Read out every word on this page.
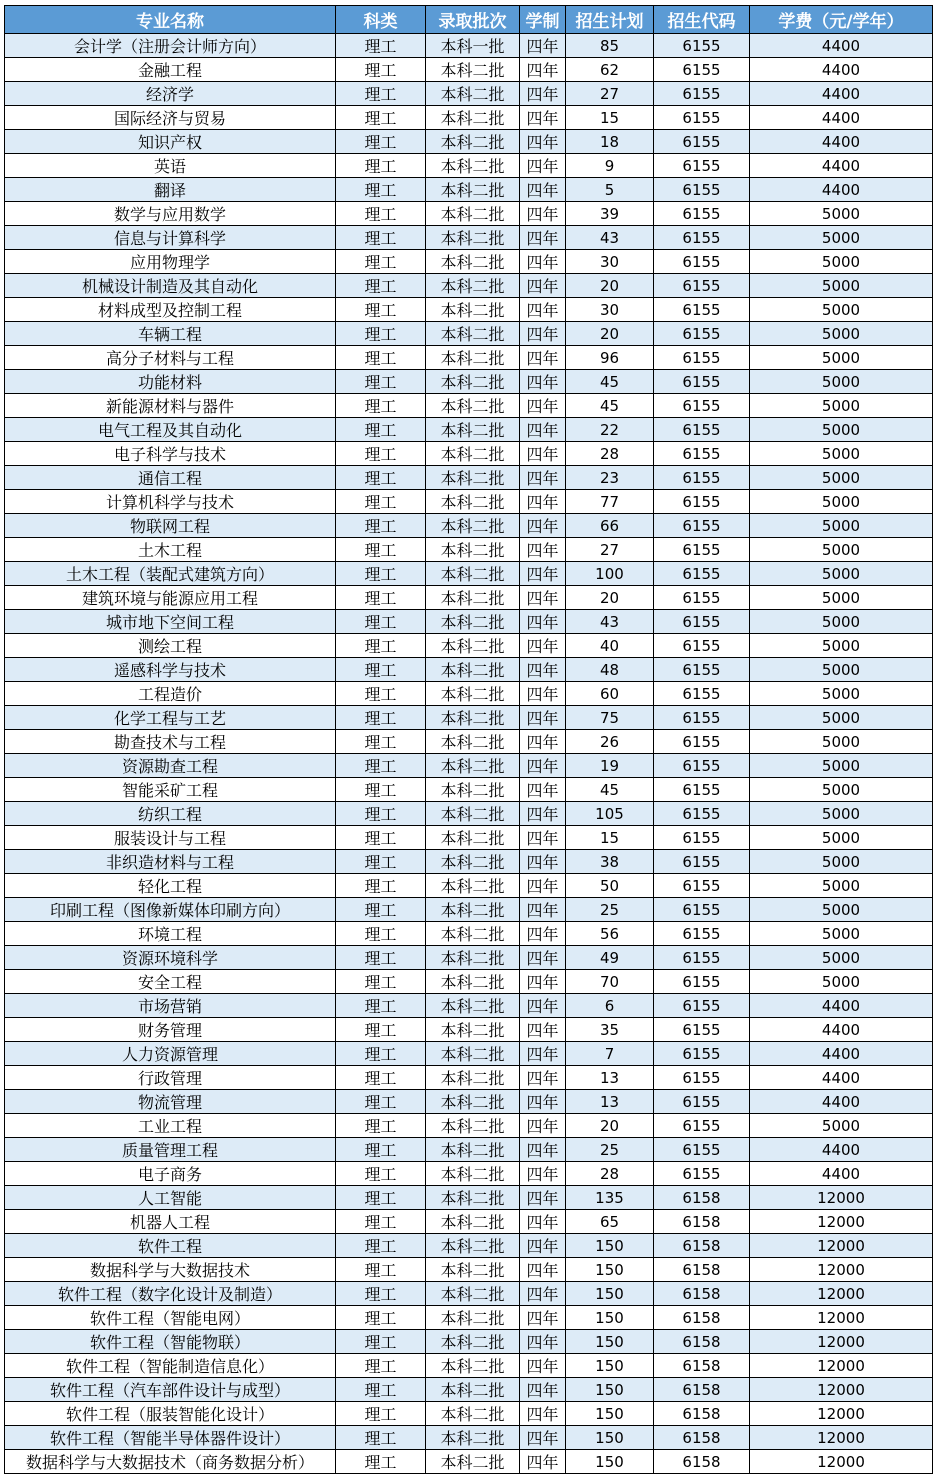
专业名称	科类	录取批次	学制	招生计划	招生代码	学费（元/学年）
会计学（注册会计师方向）	理工	本科一批	四年	85	6155	4400
金融工程	理工	本科二批	四年	62	6155	4400
经济学	理工	本科二批	四年	27	6155	4400
国际经济与贸易	理工	本科二批	四年	15	6155	4400
知识产权	理工	本科二批	四年	18	6155	4400
英语	理工	本科二批	四年	9	6155	4400
翻译	理工	本科二批	四年	5	6155	4400
数学与应用数学	理工	本科二批	四年	39	6155	5000
信息与计算科学	理工	本科二批	四年	43	6155	5000
应用物理学	理工	本科二批	四年	30	6155	5000
机械设计制造及其自动化	理工	本科二批	四年	20	6155	5000
材料成型及控制工程	理工	本科二批	四年	30	6155	5000
车辆工程	理工	本科二批	四年	20	6155	5000
高分子材料与工程	理工	本科二批	四年	96	6155	5000
功能材料	理工	本科二批	四年	45	6155	5000
新能源材料与器件	理工	本科二批	四年	45	6155	5000
电气工程及其自动化	理工	本科二批	四年	22	6155	5000
电子科学与技术	理工	本科二批	四年	28	6155	5000
通信工程	理工	本科二批	四年	23	6155	5000
计算机科学与技术	理工	本科二批	四年	77	6155	5000
物联网工程	理工	本科二批	四年	66	6155	5000
土木工程	理工	本科二批	四年	27	6155	5000
土木工程（装配式建筑方向）	理工	本科二批	四年	100	6155	5000
建筑环境与能源应用工程	理工	本科二批	四年	20	6155	5000
城市地下空间工程	理工	本科二批	四年	43	6155	5000
测绘工程	理工	本科二批	四年	40	6155	5000
遥感科学与技术	理工	本科二批	四年	48	6155	5000
工程造价	理工	本科二批	四年	60	6155	5000
化学工程与工艺	理工	本科二批	四年	75	6155	5000
勘查技术与工程	理工	本科二批	四年	26	6155	5000
资源勘查工程	理工	本科二批	四年	19	6155	5000
智能采矿工程	理工	本科二批	四年	45	6155	5000
纺织工程	理工	本科二批	四年	105	6155	5000
服装设计与工程	理工	本科二批	四年	15	6155	5000
非织造材料与工程	理工	本科二批	四年	38	6155	5000
轻化工程	理工	本科二批	四年	50	6155	5000
印刷工程（图像新媒体印刷方向）	理工	本科二批	四年	25	6155	5000
环境工程	理工	本科二批	四年	56	6155	5000
资源环境科学	理工	本科二批	四年	49	6155	5000
安全工程	理工	本科二批	四年	70	6155	5000
市场营销	理工	本科二批	四年	6	6155	4400
财务管理	理工	本科二批	四年	35	6155	4400
人力资源管理	理工	本科二批	四年	7	6155	4400
行政管理	理工	本科二批	四年	13	6155	4400
物流管理	理工	本科二批	四年	13	6155	4400
工业工程	理工	本科二批	四年	20	6155	5000
质量管理工程	理工	本科二批	四年	25	6155	4400
电子商务	理工	本科二批	四年	28	6155	4400
人工智能	理工	本科二批	四年	135	6158	12000
机器人工程	理工	本科二批	四年	65	6158	12000
软件工程	理工	本科二批	四年	150	6158	12000
数据科学与大数据技术	理工	本科二批	四年	150	6158	12000
软件工程（数字化设计及制造）	理工	本科二批	四年	150	6158	12000
软件工程（智能电网）	理工	本科二批	四年	150	6158	12000
软件工程（智能物联）	理工	本科二批	四年	150	6158	12000
软件工程（智能制造信息化）	理工	本科二批	四年	150	6158	12000
软件工程（汽车部件设计与成型）	理工	本科二批	四年	150	6158	12000
软件工程（服装智能化设计）	理工	本科二批	四年	150	6158	12000
软件工程（智能半导体器件设计）	理工	本科二批	四年	150	6158	12000
数据科学与大数据技术（商务数据分析）	理工	本科二批	四年	150	6158	12000
